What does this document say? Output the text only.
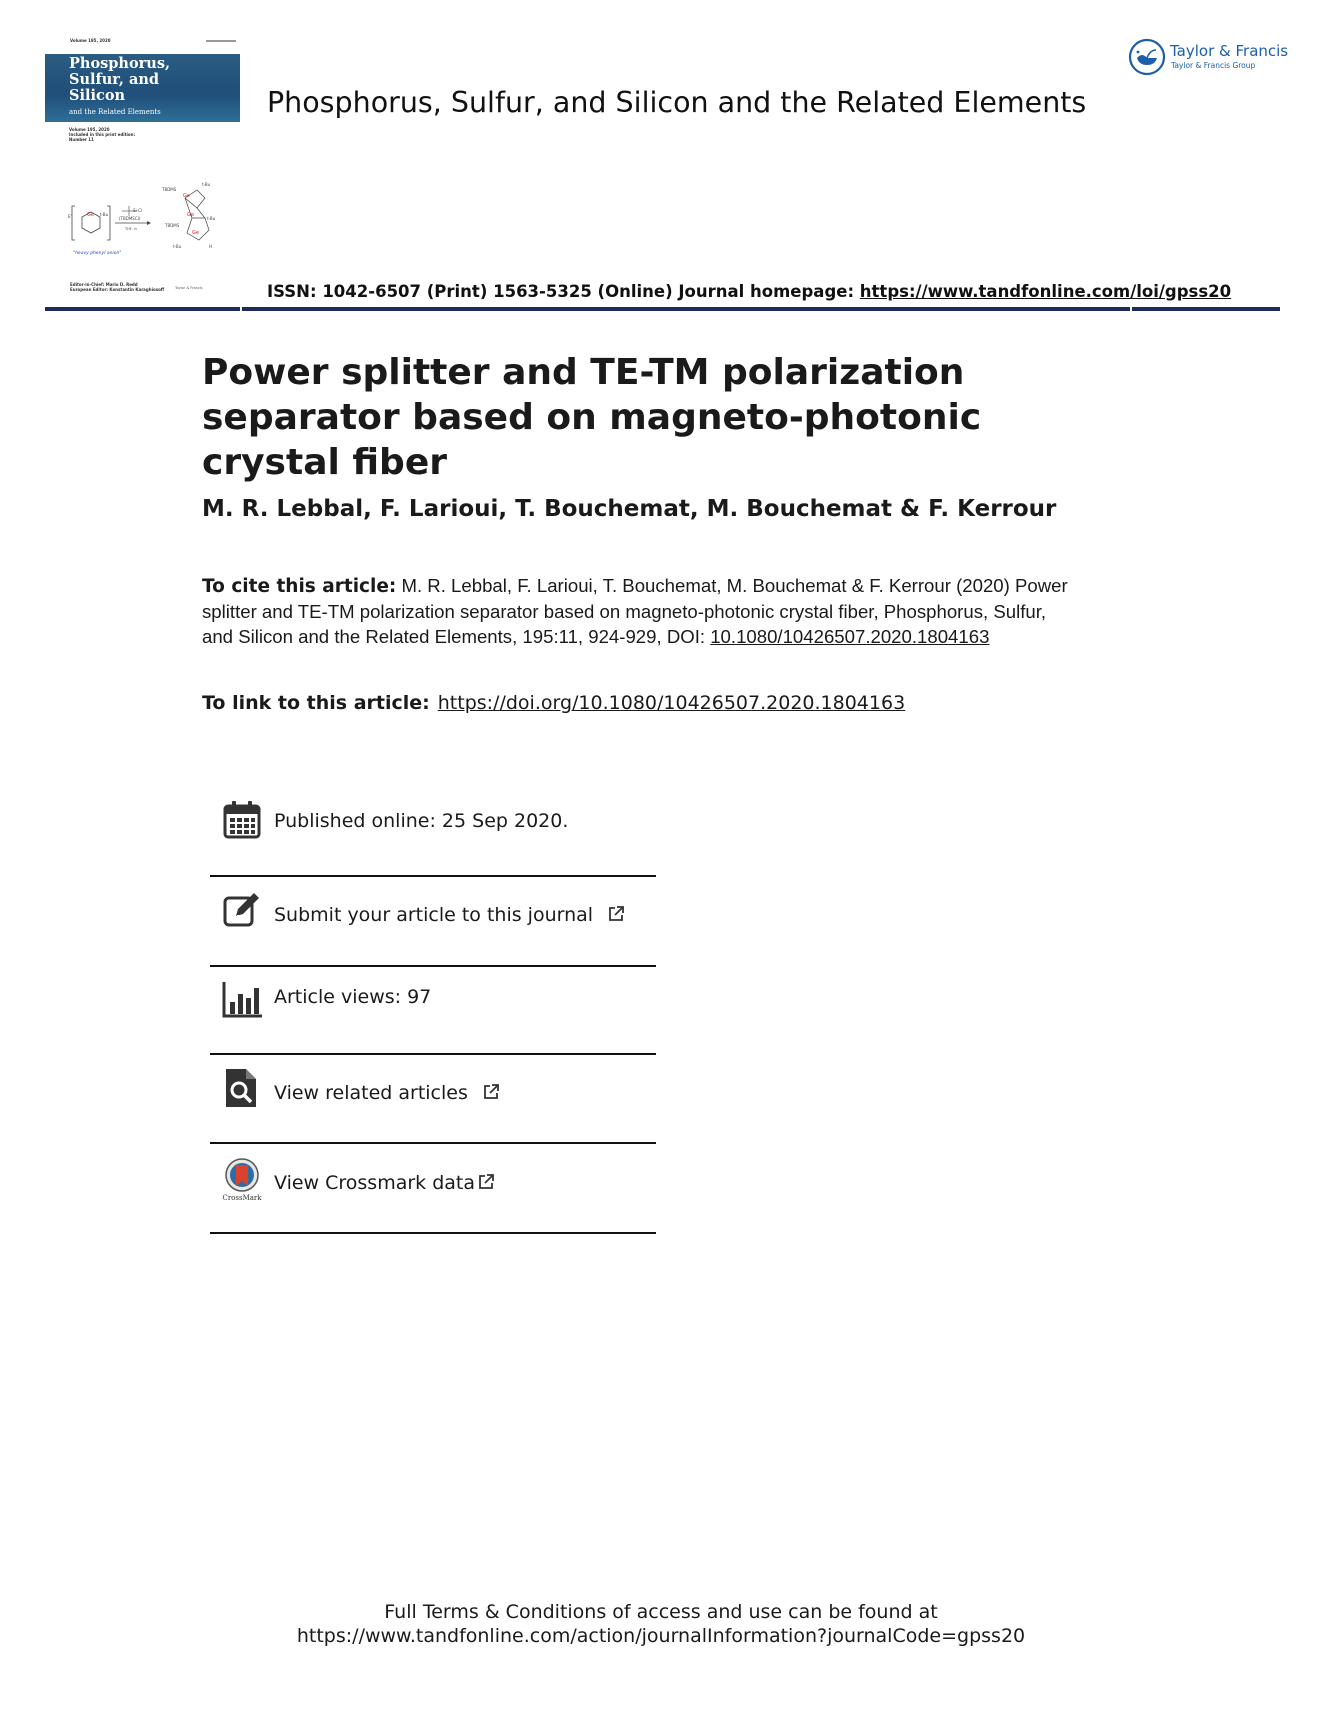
Volume 195, 2020
Phosphorus,
Sulfur, and
Silicon
and the Related Elements
Volume 195, 2020
Included in this print edition:
Number 11
Ge t-Bu
E'
Si-Cl
(TBDMSCl)
THF, rt
TBDMS
t-Bu
Ge
Ge
Ge
t-Bu
TBDMS
t-Bu	H
"heavy phenyl anion"
Editor-in-Chief: Mario D. Redd
European Editor: Konstantin Karaghiosoff	Taylor & Francis
Phosphorus, Sulfur, and Silicon and the Related Elements
Taylor & Francis
Taylor & Francis Group
ISSN: 1042-6507 (Print) 1563-5325 (Online) Journal homepage: https://www.tandfonline.com/loi/gpss20
Power splitter and TE-TM polarization separator based on magneto-photonic crystal fiber
M. R. Lebbal, F. Larioui, T. Bouchemat, M. Bouchemat & F. Kerrour
To cite this article: M. R. Lebbal, F. Larioui, T. Bouchemat, M. Bouchemat & F. Kerrour (2020) Power splitter and TE-TM polarization separator based on magneto-photonic crystal fiber, Phosphorus, Sulfur, and Silicon and the Related Elements, 195:11, 924-929, DOI: 10.1080/10426507.2020.1804163
To link to this article: https://doi.org/10.1080/10426507.2020.1804163
Published online: 25 Sep 2020.
Submit your article to this journal
Article views: 97
View related articles
CrossMark
View Crossmark data
Full Terms & Conditions of access and use can be found at
https://www.tandfonline.com/action/journalInformation?journalCode=gpss20
